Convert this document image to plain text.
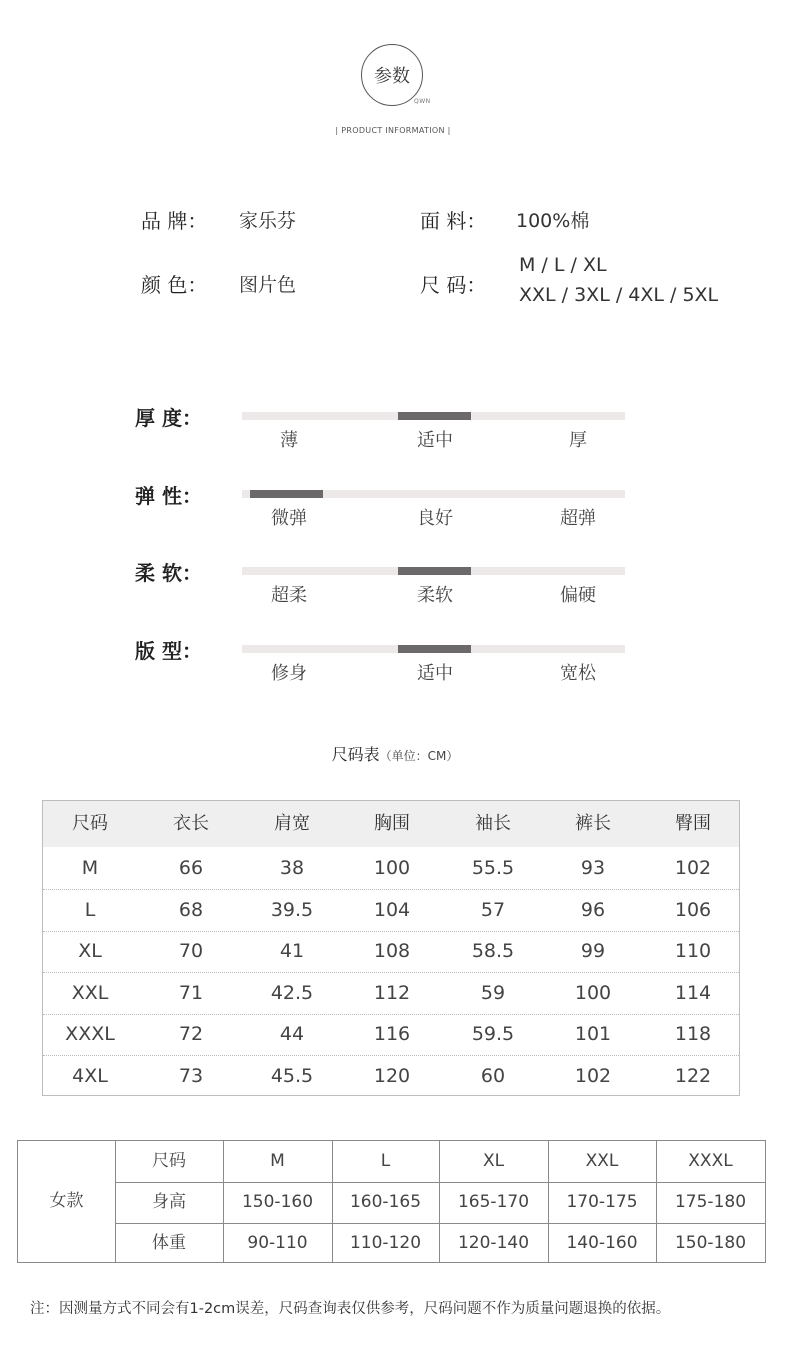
参数
QWN
| PRODUCT INFORMATION |
品 牌： 家乐芬	面 料： 100%棉
颜 色： 图片色	尺 码：
M / L / XL
XXL / 3XL / 4XL / 5XL
厚 度：
薄	适中	厚
弹 性：
微弹	良好	超弹
柔 软：
超柔	柔软	偏硬
版 型：
修身	适中	宽松
尺码表（单位：CM）
尺码	衣长	肩宽	胸围	袖长	裤长	臀围
M	66	38	100	55.5	93	102
L	68	39.5	104	57	96	106
XL	70	41	108	58.5	99	110
XXL	71	42.5	112	59	100	114
XXXL	72	44	116	59.5	101	118
4XL	73	45.5	120	60	102	122
女款
尺码	M	L	XL	XXL	XXXL
身高	150-160	160-165	165-170	170-175	175-180
体重	90-110	110-120	120-140	140-160	150-180
注：因测量方式不同会有1-2cm误差，尺码查询表仅供参考，尺码问题不作为质量问题退换的依据。
